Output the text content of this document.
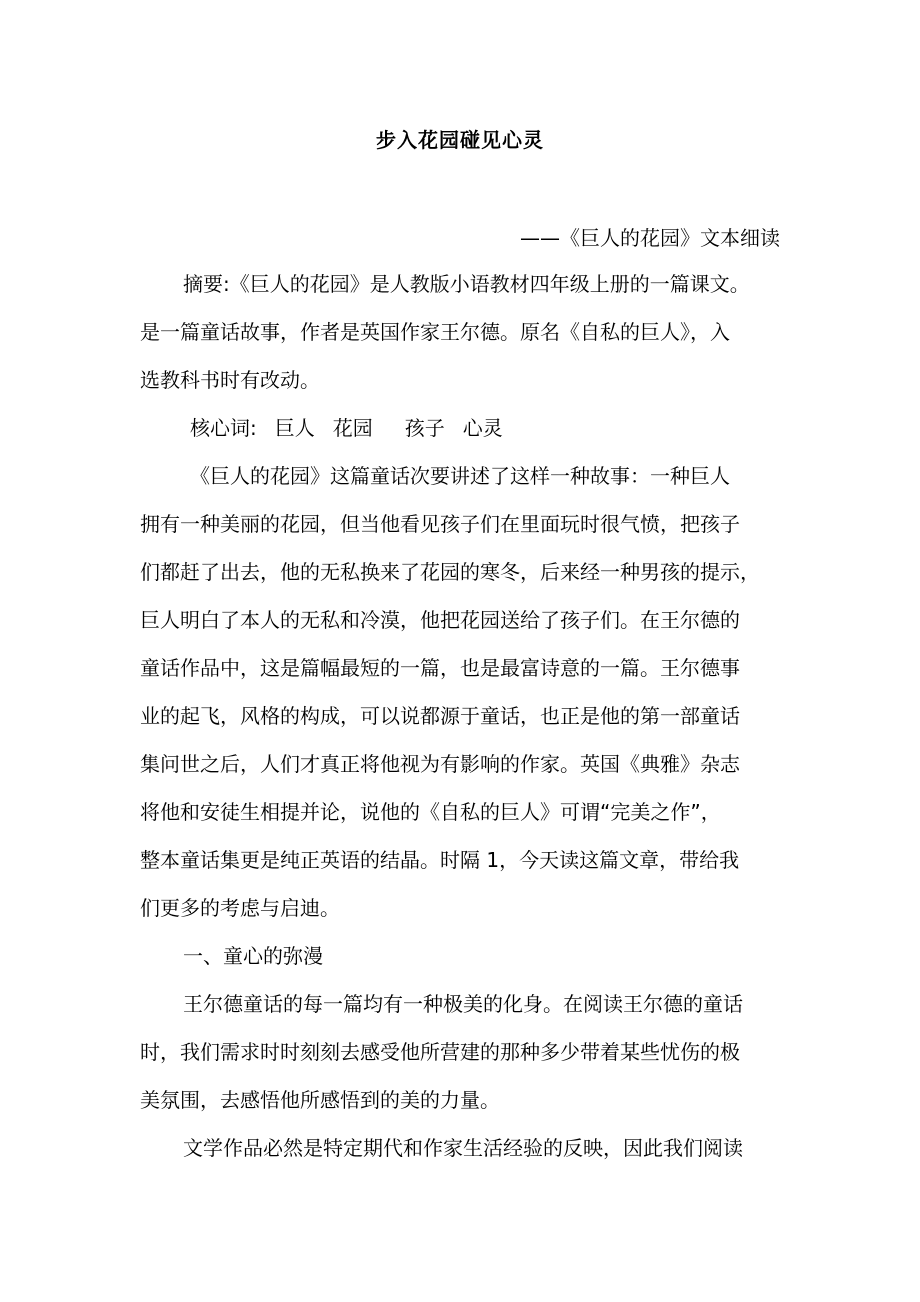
步入花园碰见心灵
——《巨人的花园》文本细读
摘要:《巨人的花园》是人教版小语教材四年级上册的一篇课文。
是一篇童话故事，作者是英国作家王尔德。原名《自私的巨人》，入
选教科书时有改动。
核心词: 巨人 花园 孩子 心灵
《巨人的花园》这篇童话次要讲述了这样一种故事：一种巨人
拥有一种美丽的花园，但当他看见孩子们在里面玩时很气愤，把孩子
们都赶了出去，他的无私换来了花园的寒冬，后来经一种男孩的提示，
巨人明白了本人的无私和冷漠，他把花园送给了孩子们。在王尔德的
童话作品中，这是篇幅最短的一篇，也是最富诗意的一篇。王尔德事
业的起飞，风格的构成，可以说都源于童话，也正是他的第一部童话
集问世之后，人们才真正将他视为有影响的作家。英国《典雅》杂志
将他和安徒生相提并论，说他的《自私的巨人》可谓“完美之作”，
整本童话集更是纯正英语的结晶。时隔 1，今天读这篇文章，带给我
们更多的考虑与启迪。
一、童心的弥漫
王尔德童话的每一篇均有一种极美的化身。在阅读王尔德的童话
时，我们需求时时刻刻去感受他所营建的那种多少带着某些忧伤的极
美氛围，去感悟他所感悟到的美的力量。
文学作品必然是特定期代和作家生活经验的反映，因此我们阅读
